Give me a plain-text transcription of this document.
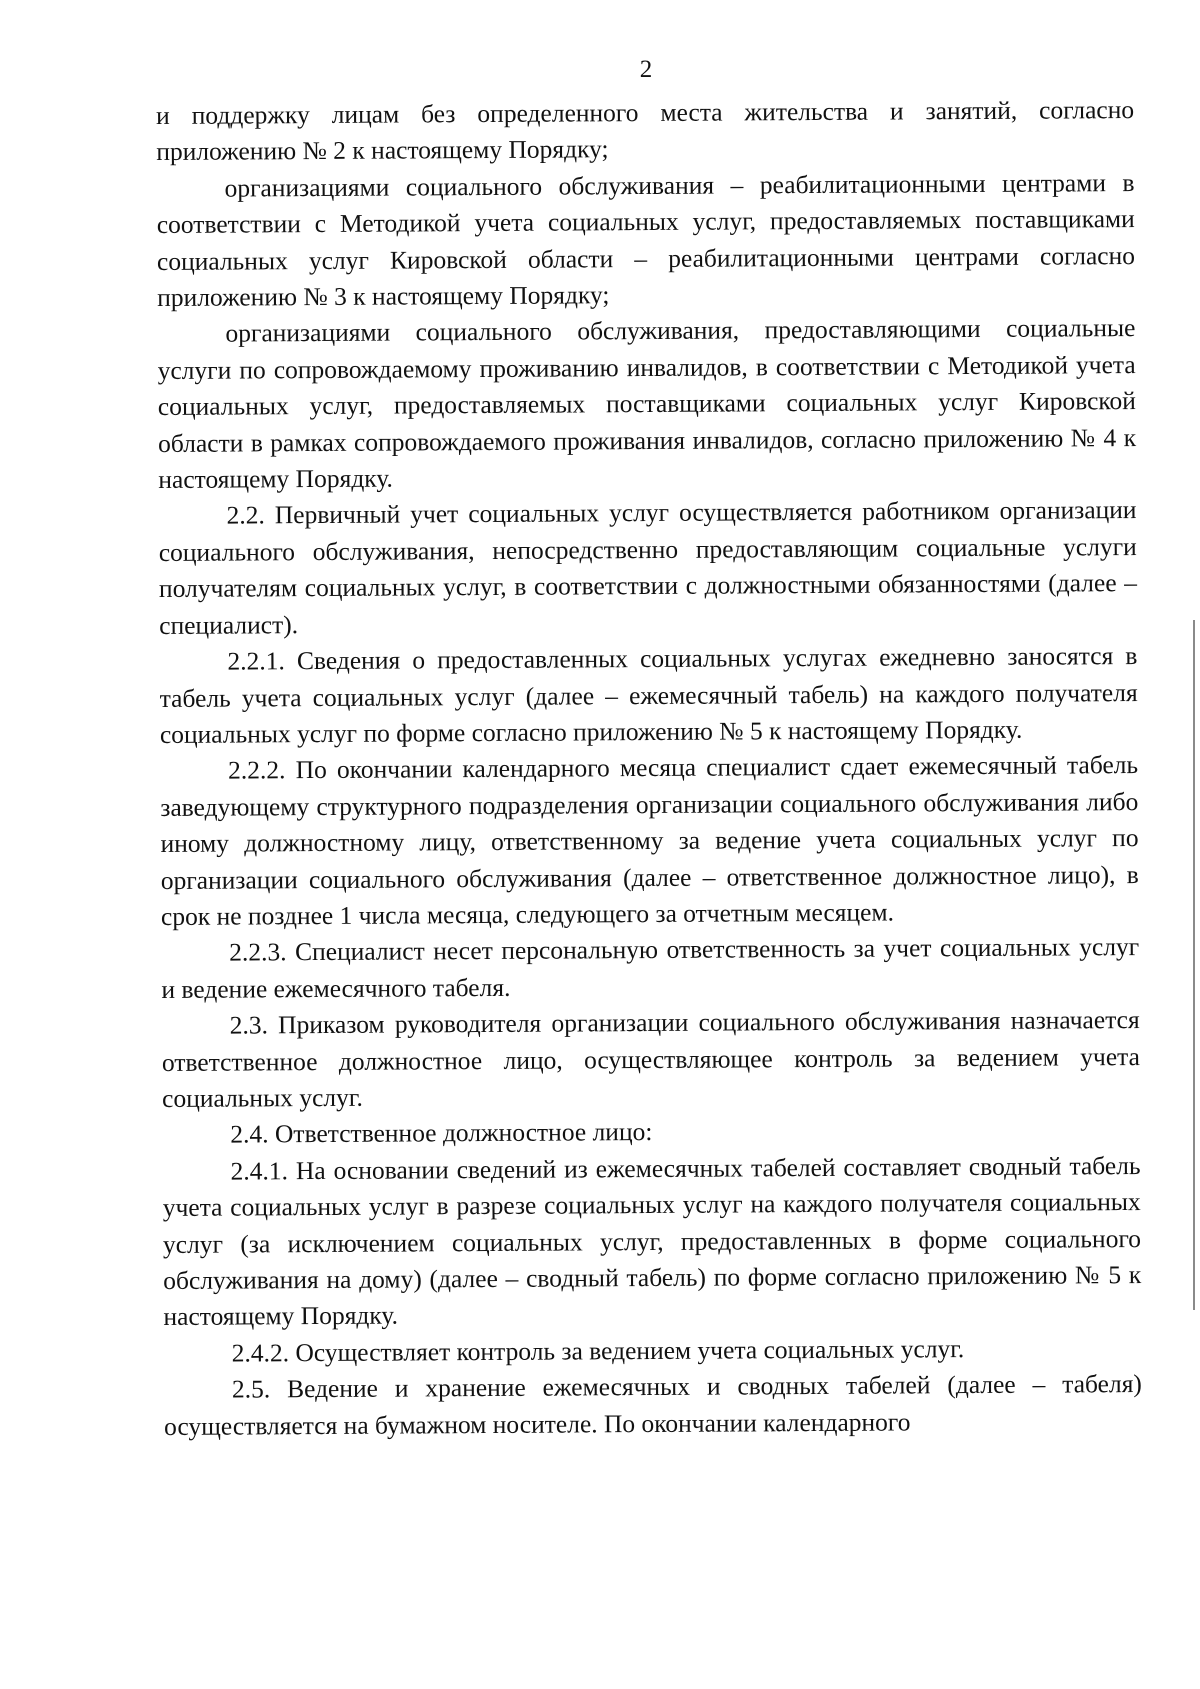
2

и поддержку лицам без определенного места жительства и занятий, согласно приложению № 2 к настоящему Порядку;

организациями социального обслуживания – реабилитационными центрами в соответствии с Методикой учета социальных услуг, предоставляемых поставщиками социальных услуг Кировской области – реабилитационными центрами согласно приложению № 3 к настоящему Порядку;

организациями социального обслуживания, предоставляющими социальные услуги по сопровождаемому проживанию инвалидов, в соответствии с Методикой учета социальных услуг, предоставляемых поставщиками социальных услуг Кировской области в рамках сопровождаемого проживания инвалидов, согласно приложению № 4 к настоящему Порядку.

2.2. Первичный учет социальных услуг осуществляется работником организации социального обслуживания, непосредственно предоставляющим социальные услуги получателям социальных услуг, в соответствии с должностными обязанностями (далее – специалист).

2.2.1. Сведения о предоставленных социальных услугах ежедневно заносятся в табель учета социальных услуг (далее – ежемесячный табель) на каждого получателя социальных услуг по форме согласно приложению № 5 к настоящему Порядку.

2.2.2. По окончании календарного месяца специалист сдает ежемесячный табель заведующему структурного подразделения организации социального обслуживания либо иному должностному лицу, ответственному за ведение учета социальных услуг по организации социального обслуживания (далее – ответственное должностное лицо), в срок не позднее 1 числа месяца, следующего за отчетным месяцем.

2.2.3. Специалист несет персональную ответственность за учет социальных услуг и ведение ежемесячного табеля.

2.3. Приказом руководителя организации социального обслуживания назначается ответственное должностное лицо, осуществляющее контроль за ведением учета социальных услуг.

2.4. Ответственное должностное лицо:

2.4.1. На основании сведений из ежемесячных табелей составляет сводный табель учета социальных услуг в разрезе социальных услуг на каждого получателя социальных услуг (за исключением социальных услуг, предоставленных в форме социального обслуживания на дому) (далее – сводный табель) по форме согласно приложению № 5 к настоящему Порядку.

2.4.2. Осуществляет контроль за ведением учета социальных услуг.

2.5. Ведение и хранение ежемесячных и сводных табелей (далее – табеля) осуществляется на бумажном носителе. По окончании календарного
